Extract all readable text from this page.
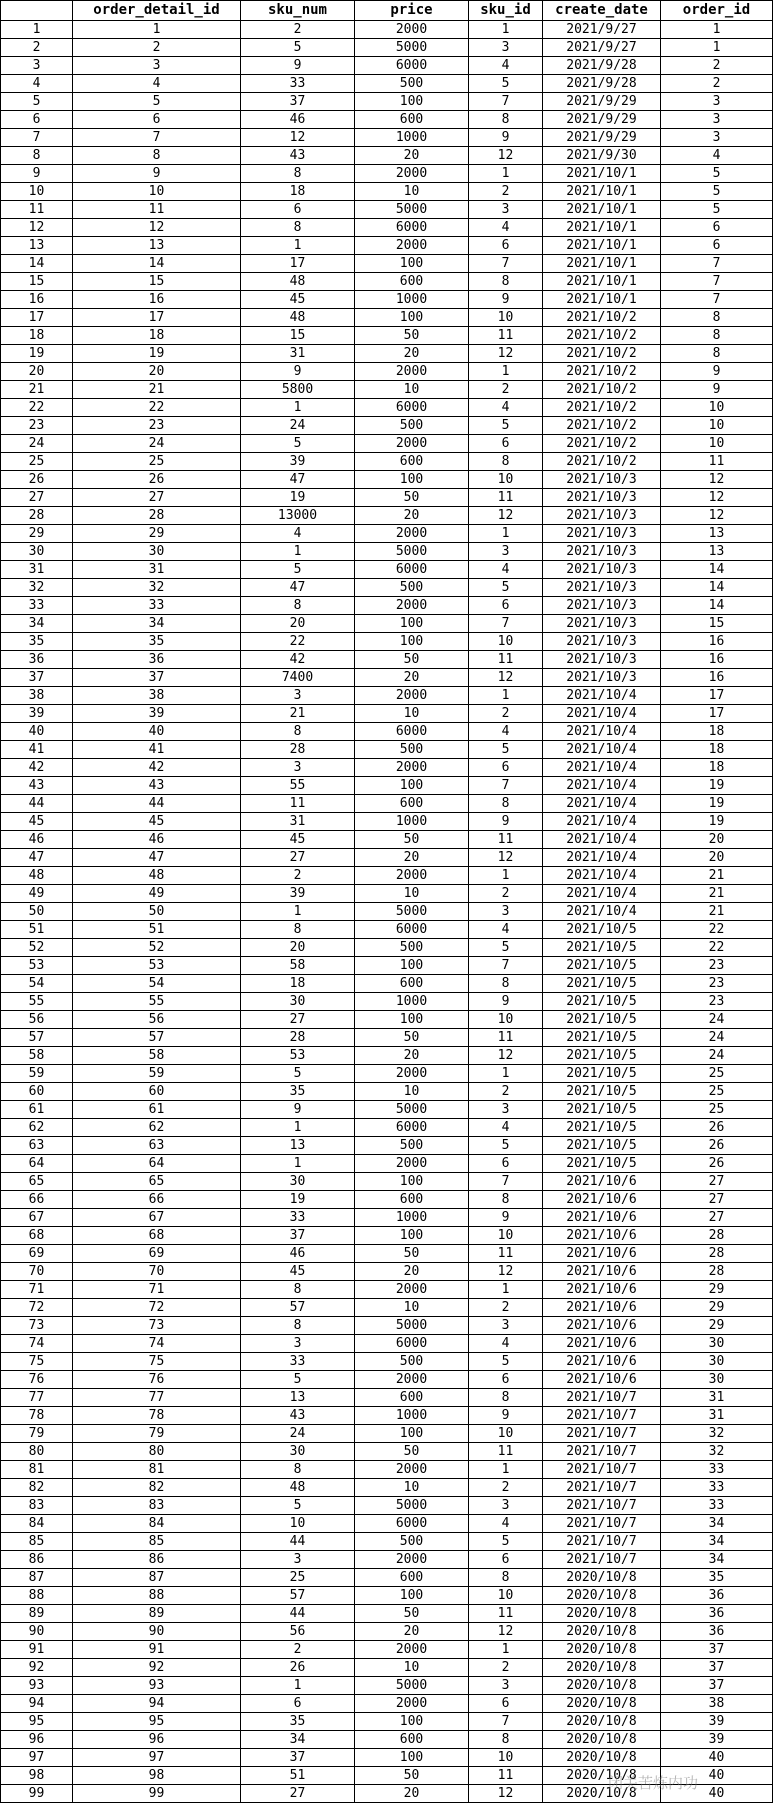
	order_detail_id	sku_num	price	sku_id	create_date	order_id
1	1	2	2000	1	2021/9/27	1
2	2	5	5000	3	2021/9/27	1
3	3	9	6000	4	2021/9/28	2
4	4	33	500	5	2021/9/28	2
5	5	37	100	7	2021/9/29	3
6	6	46	600	8	2021/9/29	3
7	7	12	1000	9	2021/9/29	3
8	8	43	20	12	2021/9/30	4
9	9	8	2000	1	2021/10/1	5
10	10	18	10	2	2021/10/1	5
11	11	6	5000	3	2021/10/1	5
12	12	8	6000	4	2021/10/1	6
13	13	1	2000	6	2021/10/1	6
14	14	17	100	7	2021/10/1	7
15	15	48	600	8	2021/10/1	7
16	16	45	1000	9	2021/10/1	7
17	17	48	100	10	2021/10/2	8
18	18	15	50	11	2021/10/2	8
19	19	31	20	12	2021/10/2	8
20	20	9	2000	1	2021/10/2	9
21	21	5800	10	2	2021/10/2	9
22	22	1	6000	4	2021/10/2	10
23	23	24	500	5	2021/10/2	10
24	24	5	2000	6	2021/10/2	10
25	25	39	600	8	2021/10/2	11
26	26	47	100	10	2021/10/3	12
27	27	19	50	11	2021/10/3	12
28	28	13000	20	12	2021/10/3	12
29	29	4	2000	1	2021/10/3	13
30	30	1	5000	3	2021/10/3	13
31	31	5	6000	4	2021/10/3	14
32	32	47	500	5	2021/10/3	14
33	33	8	2000	6	2021/10/3	14
34	34	20	100	7	2021/10/3	15
35	35	22	100	10	2021/10/3	16
36	36	42	50	11	2021/10/3	16
37	37	7400	20	12	2021/10/3	16
38	38	3	2000	1	2021/10/4	17
39	39	21	10	2	2021/10/4	17
40	40	8	6000	4	2021/10/4	18
41	41	28	500	5	2021/10/4	18
42	42	3	2000	6	2021/10/4	18
43	43	55	100	7	2021/10/4	19
44	44	11	600	8	2021/10/4	19
45	45	31	1000	9	2021/10/4	19
46	46	45	50	11	2021/10/4	20
47	47	27	20	12	2021/10/4	20
48	48	2	2000	1	2021/10/4	21
49	49	39	10	2	2021/10/4	21
50	50	1	5000	3	2021/10/4	21
51	51	8	6000	4	2021/10/5	22
52	52	20	500	5	2021/10/5	22
53	53	58	100	7	2021/10/5	23
54	54	18	600	8	2021/10/5	23
55	55	30	1000	9	2021/10/5	23
56	56	27	100	10	2021/10/5	24
57	57	28	50	11	2021/10/5	24
58	58	53	20	12	2021/10/5	24
59	59	5	2000	1	2021/10/5	25
60	60	35	10	2	2021/10/5	25
61	61	9	5000	3	2021/10/5	25
62	62	1	6000	4	2021/10/5	26
63	63	13	500	5	2021/10/5	26
64	64	1	2000	6	2021/10/5	26
65	65	30	100	7	2021/10/6	27
66	66	19	600	8	2021/10/6	27
67	67	33	1000	9	2021/10/6	27
68	68	37	100	10	2021/10/6	28
69	69	46	50	11	2021/10/6	28
70	70	45	20	12	2021/10/6	28
71	71	8	2000	1	2021/10/6	29
72	72	57	10	2	2021/10/6	29
73	73	8	5000	3	2021/10/6	29
74	74	3	6000	4	2021/10/6	30
75	75	33	500	5	2021/10/6	30
76	76	5	2000	6	2021/10/6	30
77	77	13	600	8	2021/10/7	31
78	78	43	1000	9	2021/10/7	31
79	79	24	100	10	2021/10/7	32
80	80	30	50	11	2021/10/7	32
81	81	8	2000	1	2021/10/7	33
82	82	48	10	2	2021/10/7	33
83	83	5	5000	3	2021/10/7	33
84	84	10	6000	4	2021/10/7	34
85	85	44	500	5	2021/10/7	34
86	86	3	2000	6	2021/10/7	34
87	87	25	600	8	2020/10/8	35
88	88	57	100	10	2020/10/8	36
89	89	44	50	11	2020/10/8	36
90	90	56	20	12	2020/10/8	36
91	91	2	2000	1	2020/10/8	37
92	92	26	10	2	2020/10/8	37
93	93	1	5000	3	2020/10/8	37
94	94	6	2000	6	2020/10/8	38
95	95	35	100	7	2020/10/8	39
96	96	34	600	8	2020/10/8	39
97	97	37	100	10	2020/10/8	40
98	98	51	50	11	2020/10/8	40
99	99	27	20	12	2020/10/8	40
闭关苦炼内功
